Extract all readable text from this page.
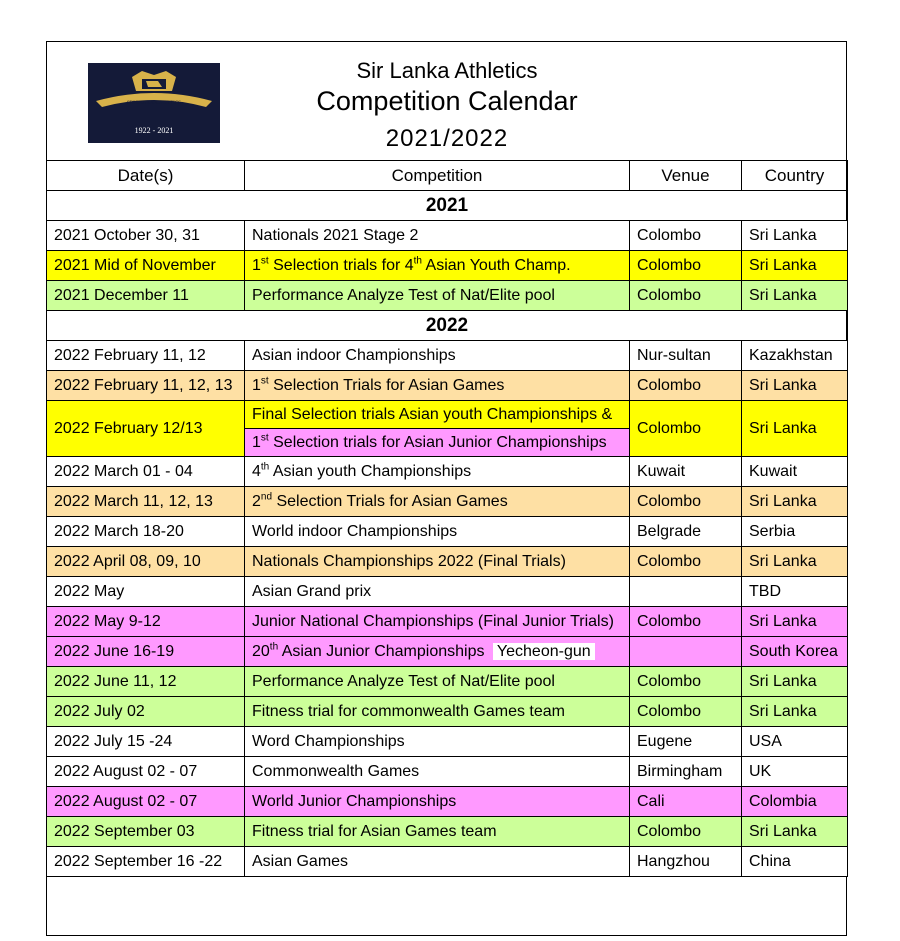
SRI LANKA ATHLETICS
1922 - 2021
Sir Lanka Athletics
Competition Calendar
2021/2022
Date(s)	Competition	Venue	Country
2021			
2021 October 30, 31	Nationals 2021 Stage 2	Colombo	Sri Lanka
2021 Mid of November	1st Selection trials for 4th Asian Youth Champ.	Colombo	Sri Lanka
2021 December 11	Performance Analyze Test of Nat/Elite pool	Colombo	Sri Lanka
2022			
2022 February 11, 12	Asian indoor Championships	Nur-sultan	Kazakhstan
2022 February 11, 12, 13	1st Selection Trials for Asian Games	Colombo	Sri Lanka
2022 February 12/13	Final Selection trials Asian youth Championships &
1st Selection trials for Asian Junior Championships	Colombo	Sri Lanka
2022 March 01 - 04	4th Asian youth Championships	Kuwait	Kuwait
2022 March 11, 12, 13	2nd Selection Trials for Asian Games	Colombo	Sri Lanka
2022 March 18-20	World indoor Championships	Belgrade	Serbia
2022 April 08, 09, 10	Nationals Championships 2022 (Final Trials)	Colombo	Sri Lanka
2022 May	Asian Grand prix		TBD
2022 May 9-12	Junior National Championships (Final Junior Trials)	Colombo	Sri Lanka
2022 June 16-19	20th Asian Junior Championships Yecheon-gun		South Korea
2022 June 11, 12	Performance Analyze Test of Nat/Elite pool	Colombo	Sri Lanka
2022 July 02	Fitness trial for commonwealth Games team	Colombo	Sri Lanka
2022 July 15 -24	Word Championships	Eugene	USA
2022 August 02 - 07	Commonwealth Games	Birmingham	UK
2022 August 02 - 07	World Junior Championships	Cali	Colombia
2022 September 03	Fitness trial for Asian Games team	Colombo	Sri Lanka
2022 September 16 -22	Asian Games	Hangzhou	China
